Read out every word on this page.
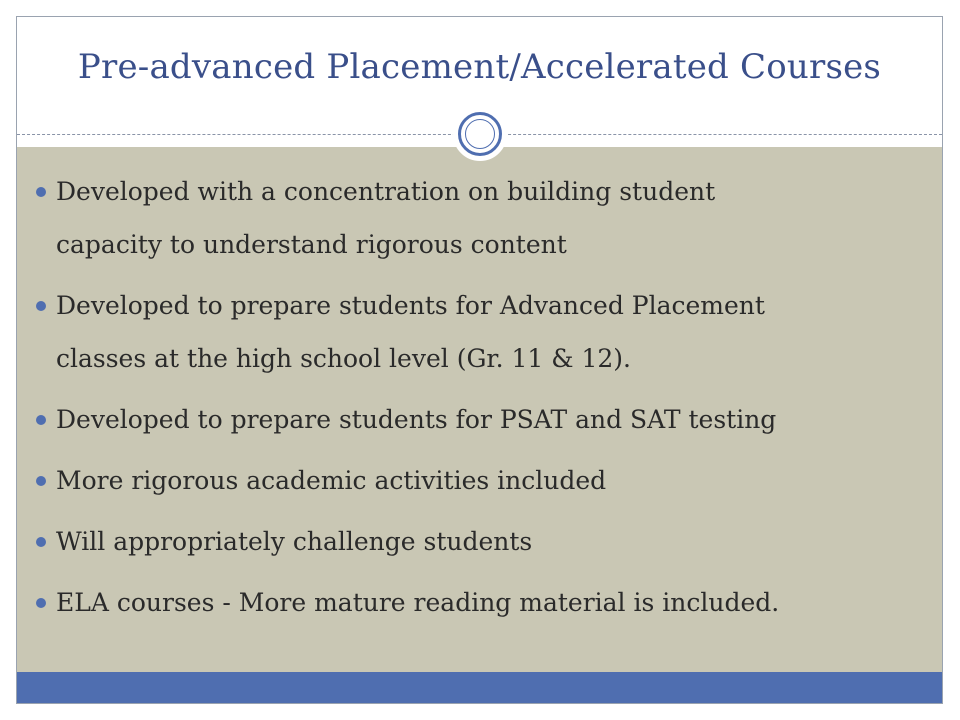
Pre-advanced Placement/Accelerated Courses
Developed with a concentration on building student
capacity to understand rigorous content
Developed to prepare students for Advanced Placement
classes at the high school level (Gr. 11 & 12).
Developed to prepare students for PSAT and SAT testing
More rigorous academic activities included
Will appropriately challenge students
ELA courses - More mature reading material is included.
